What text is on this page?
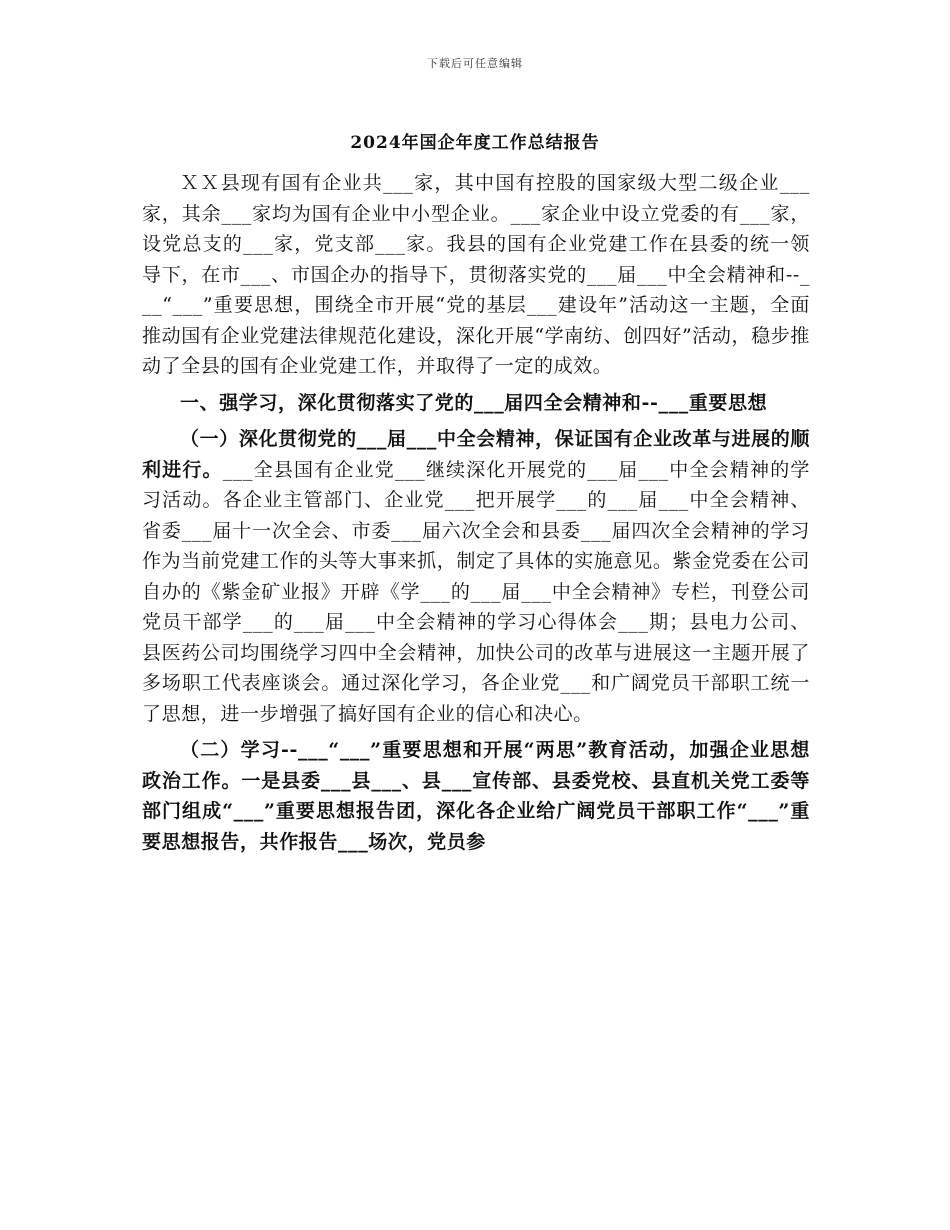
下载后可任意编辑
2024年国企年度工作总结报告

ＸＸ县现有国有企业共___家，其中国有控股的国家级大型二级企业___家，其余___家均为国有企业中小型企业。___家企业中设立党委的有___家，设党总支的___家，党支部___家。我县的国有企业党建工作在县委的统一领导下，在市___、市国企办的指导下，贯彻落实党的___届___中全会精神和--___“___”重要思想，围绕全市开展“党的基层___建设年”活动这一主题，全面推动国有企业党建法律规范化建设，深化开展“学南纺、创四好”活动，稳步推动了全县的国有企业党建工作，并取得了一定的成效。

一、强学习，深化贯彻落实了党的___届四全会精神和--___重要思想

（一）深化贯彻党的___届___中全会精神，保证国有企业改革与进展的顺利进行。___全县国有企业党___继续深化开展党的___届___中全会精神的学习活动。各企业主管部门、企业党___把开展学___的___届___中全会精神、省委___届十一次全会、市委___届六次全会和县委___届四次全会精神的学习作为当前党建工作的头等大事来抓，制定了具体的实施意见。紫金党委在公司自办的《紫金矿业报》开辟《学___的___届___中全会精神》专栏，刊登公司党员干部学___的___届___中全会精神的学习心得体会___期；县电力公司、县医药公司均围绕学习四中全会精神，加快公司的改革与进展这一主题开展了多场职工代表座谈会。通过深化学习，各企业党___和广阔党员干部职工统一了思想，进一步增强了搞好国有企业的信心和决心。

（二）学习--___“___”重要思想和开展“两思”教育活动，加强企业思想政治工作。一是县委___县___、县___宣传部、县委党校、县直机关党工委等部门组成“___”重要思想报告团，深化各企业给广阔党员干部职工作“___”重要思想报告，共作报告___场次，党员参
